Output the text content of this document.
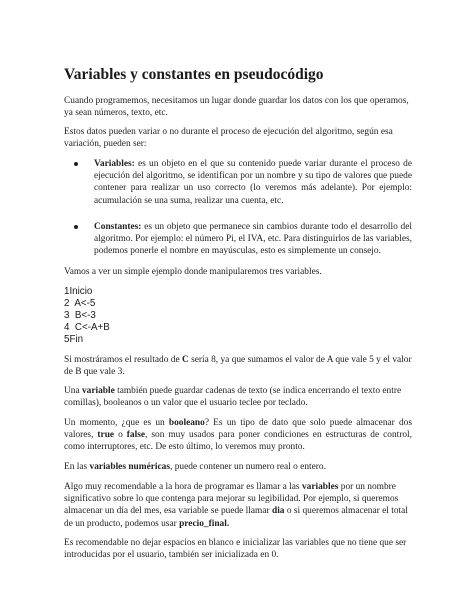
Variables y constantes en pseudocódigo

Cuando programemos, necesitamos un lugar donde guardar los datos con los que operamos, ya sean números, texto, etc.

Estos datos pueden variar o no durante el proceso de ejecución del algoritmo, según esa variación, pueden ser:

Variables: es un objeto en el que su contenido puede variar durante el proceso de ejecución del algoritmo, se identifican por un nombre y su tipo de valores que puede contener para realizar un uso correcto (lo veremos más adelante). Por ejemplo: acumulación se una suma, realizar una cuenta, etc.

Constantes: es un objeto que permanece sin cambios durante todo el desarrollo del algoritmo. Por ejemplo: el número Pi, el IVA, etc. Para distinguirlos de las variables, podemos ponerle el nombre en mayúsculas, esto es simplemente un consejo.

Vamos a ver un simple ejemplo donde manipularemos tres variables.

1Inicio
2  A<-5
3  B<-3
4  C<-A+B
5Fin

Si mostráramos el resultado de C sería 8, ya que sumamos el valor de A que vale 5 y el valor de B que vale 3.

Una variable también puede guardar cadenas de texto (se indica encerrando el texto entre comillas), booleanos o un valor que el usuario teclee por teclado.

Un momento, ¿que es un booleano? Es un tipo de dato que solo puede almacenar dos valores, true o false, son muy usados para poner condiciones en estructuras de control, como interruptores, etc. De esto último, lo veremos muy pronto.

En las variables numéricas, puede contener un numero real o entero.

Algo muy recomendable a la hora de programar es llamar a las variables por un nombre significativo sobre lo que contenga para mejorar su legibilidad. Por ejemplo, si queremos almacenar un día del mes, esa variable se puede llamar dia o si queremos almacenar el total de un producto, podemos usar precio_final.

Es recomendable no dejar espacios en blanco e inicializar las variables que no tiene que ser introducidas por el usuario, también ser inicializada en 0.
